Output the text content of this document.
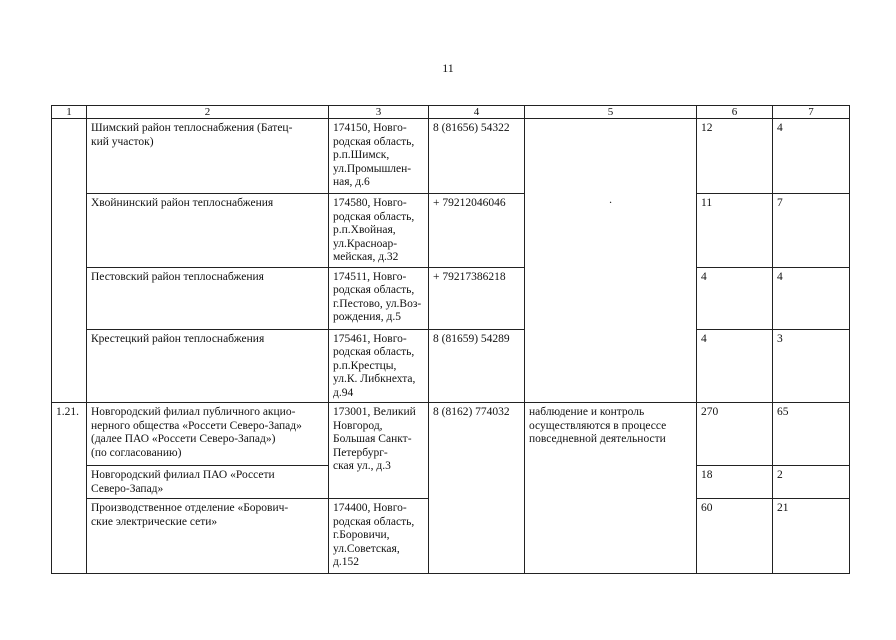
11
1	2	3	4	5	6	7
	Шимский район теплоснабжения (Батец-
кий участок)	174150, Новго-
родская область,
р.п.Шимск,
ул.Промышлен-
ная, д.6	8 (81656) 54322	.	12	4
	Хвойнинский район теплоснабжения	174580, Новго-
родская область,
р.п.Хвойная,
ул.Красноар-
мейская, д.32	+ 79212046046		11	7
	Пестовский район теплоснабжения	174511, Новго-
родская область,
г.Пестово, ул.Воз-
рождения, д.5	+ 79217386218		4	4
	Крестецкий район теплоснабжения	175461, Новго-
родская область,
р.п.Крестцы,
ул.К. Либкнехта,
д.94	8 (81659) 54289		4	3
1.21.	Новгородский филиал публичного акцио-
нерного общества «Россети Северо-Запад»
(далее ПАО «Россети Северо-Запад»)
(по согласованию)	173001, Великий
Новгород,
Большая Санкт-
Петербург-
ская ул., д.3	8 (8162) 774032	наблюдение и контроль
осуществляются в процессе
повседневной деятельности	270	65
	Новгородский филиал ПАО «Россети
Северо-Запад»				18	2
	Производственное отделение «Борович-
ские электрические сети»	174400, Новго-
родская область,
г.Боровичи,
ул.Советская,
д.152			60	21
